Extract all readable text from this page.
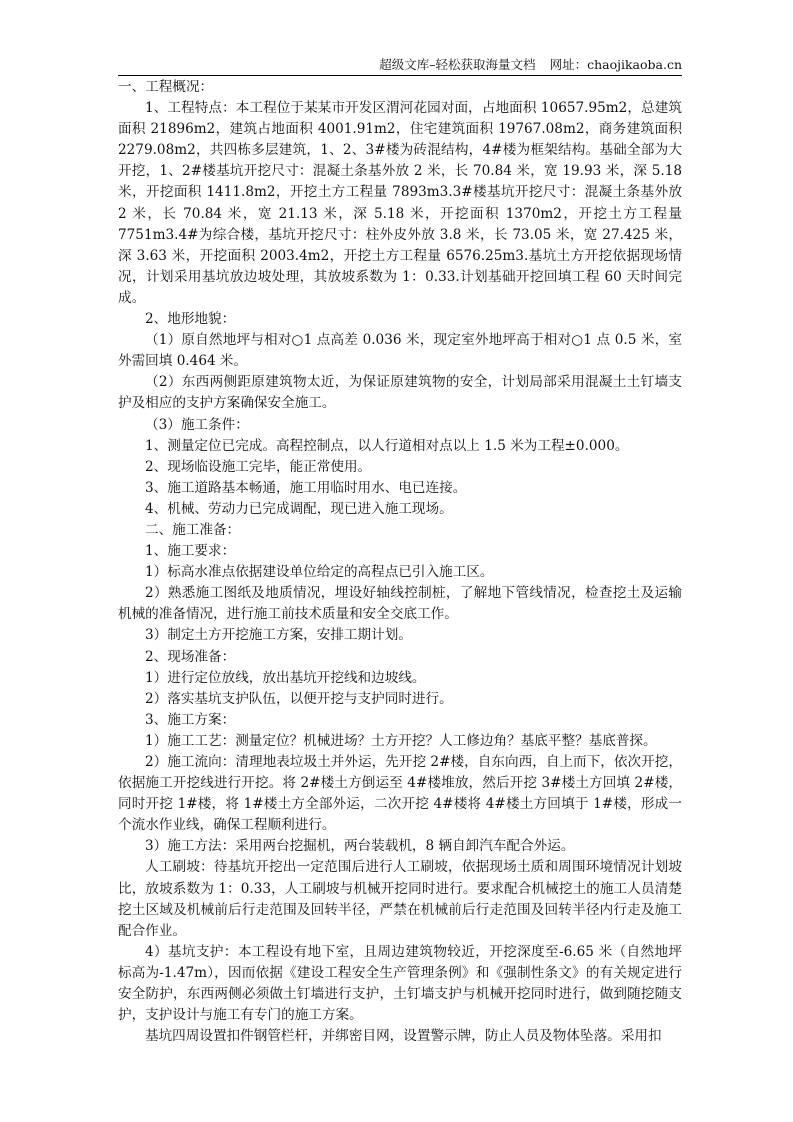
超级文库–轻松获取海量文档 网址：chaojikaoba.cn

一、工程概况：

1、工程特点：本工程位于某某市开发区渭河花园对面，占地面积 10657.95m2，总建筑面积 21896m2，建筑占地面积 4001.91m2，住宅建筑面积 19767.08m2，商务建筑面积 2279.08m2，共四栋多层建筑，1、2、3#楼为砖混结构，4#楼为框架结构。基础全部为大开挖，1、2#楼基坑开挖尺寸：混凝土条基外放 2 米，长 70.84 米，宽 19.93 米，深 5.18 米，开挖面积 1411.8m2，开挖土方工程量 7893m3.3#楼基坑开挖尺寸：混凝土条基外放 2 米，长 70.84 米，宽 21.13 米，深 5.18 米，开挖面积 1370m2，开挖土方工程量 7751m3.4#为综合楼，基坑开挖尺寸：柱外皮外放 3.8 米，长 73.05 米，宽 27.425 米，深 3.63 米，开挖面积 2003.4m2，开挖土方工程量 6576.25m3.基坑土方开挖依据现场情况，计划采用基坑放边坡处理，其放坡系数为 1：0.33.计划基础开挖回填工程 60 天时间完成。

2、地形地貌：

（1）原自然地坪与相对○1 点高差 0.036 米，现定室外地坪高于相对○1 点 0.5 米，室外需回填 0.464 米。

（2）东西两侧距原建筑物太近，为保证原建筑物的安全，计划局部采用混凝土土钉墙支护及相应的支护方案确保安全施工。

（3）施工条件：

1、测量定位已完成。高程控制点，以人行道相对点以上 1.5 米为工程±0.000。

2、现场临设施工完毕，能正常使用。

3、施工道路基本畅通，施工用临时用水、电已连接。

4、机械、劳动力已完成调配，现已进入施工现场。

二、施工准备：

1、施工要求：

1）标高水准点依据建设单位给定的高程点已引入施工区。

2）熟悉施工图纸及地质情况，埋设好轴线控制桩，了解地下管线情况，检查挖土及运输机械的准备情况，进行施工前技术质量和安全交底工作。

3）制定土方开挖施工方案，安排工期计划。

2、现场准备：

1）进行定位放线，放出基坑开挖线和边坡线。

2）落实基坑支护队伍，以便开挖与支护同时进行。

3、施工方案：

1）施工工艺：测量定位？机械进场？土方开挖？人工修边角？基底平整？基底普探。

2）施工流向：清理地表垃圾土并外运，先开挖 2#楼，自东向西，自上而下，依次开挖，依据施工开挖线进行开挖。将 2#楼土方倒运至 4#楼堆放，然后开挖 3#楼土方回填 2#楼，同时开挖 1#楼，将 1#楼土方全部外运，二次开挖 4#楼将 4#楼土方回填于 1#楼，形成一个流水作业线，确保工程顺利进行。

3）施工方法：采用两台挖掘机，两台装载机，8 辆自卸汽车配合外运。

人工刷坡：待基坑开挖出一定范围后进行人工刷坡，依据现场土质和周围环境情况计划坡比，放坡系数为 1：0.33，人工刷坡与机械开挖同时进行。要求配合机械挖土的施工人员清楚挖土区域及机械前后行走范围及回转半径，严禁在机械前后行走范围及回转半径内行走及施工配合作业。

4）基坑支护：本工程设有地下室，且周边建筑物较近，开挖深度至-6.65 米（自然地坪标高为-1.47m），因而依据《建设工程安全生产管理条例》和《强制性条文》的有关规定进行安全防护，东西两侧必须做土钉墙进行支护，土钉墙支护与机械开挖同时进行，做到随挖随支护，支护设计与施工有专门的施工方案。

基坑四周设置扣件钢管栏杆，并绑密目网，设置警示牌，防止人员及物体坠落。采用扣
